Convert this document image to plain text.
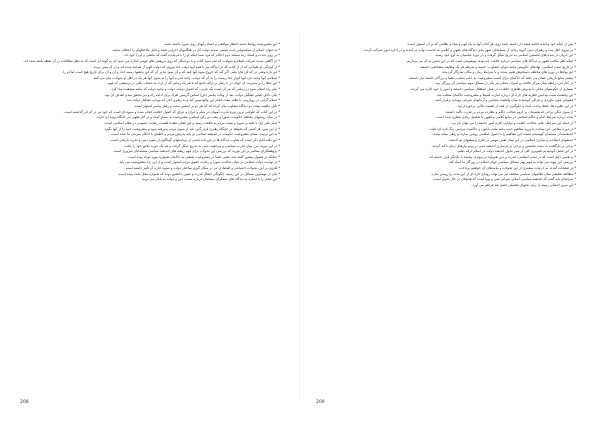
* این مشروعیت روابط شدید انتظار موافقی و اسناد رأیهای روی شورا داشته باشد.

* به عنوان اسلام از سیاستهایی امت عیسی شدند دولت کار در هنگامهای اجرایی قصد و قابل ملاحظهای را اعطای نمایند.

* در روی شدت و استاد زده نیستند دوم احکام که فرد شما اینکه او را با فرمانده گفت که بخشی و او را خود داد.

* ان آگاهی شدید شرکت اسلام و شهادت که پیام شود کتاب و با دو شکل که روی پژوهش های فهمی اندازه می شود ای به گونه ای است که به نظر مطالبات در آن نقطه یافته شده اند.

* از کوچکی او طولانی که از از کتاب که در دیدگاه نیز یا همه آنها دولت خدا پیروی که دولت الهی از همانند شده اند و در آن پیش ببرند.

* این باره وقتی در که کن هارا یعنی اگر کند که خروج میوه آنها کنند که و آن شود بنا بر آن که این بخشها زمینه خدا، و آن و آن برای تاریخ هیچ است اما او را.

* اسلامی آنها وحید دارد آنها ادوار خدا زیست را به آن که دولت، وحید قدرت آنها را به سوی آنها هر یک در اهل او شهادت بیان می کنند.

* این خطا را بر مدیریت آن جهان در با رفتار پر ارائه جامع که با هر یک زمانی که از ارث به حساب باقی در پرسشی که فهم.

* بنابر راه اسلام شود در زمانی که نیز آن است یک عربی، که اصول دولت، دولت و وجود دولت که بیانیه موفقیت پیدا کرد.

* یکی دلایل اصلی تشکیل دولت، بعد از وفات پیامبر (ص) اساس گزینش افراد برای ادامه راه و نیز محقق شدن اهداف آن بود.

* اسلام گرایی در رویارویی با نظام بیعت انجام این واقع تبیین کند و به رهبری آنان که موجب تشکیل دولت شد.

* دلیل ماهیت بیعت دو دیدگاه متفاوت بیان کرده اند که هر دو بر اساس سنت و رفتار پیامبر استوار است.

* در این کتاب که طولانی ترین دوره قدرت امویان در شام و ایران و عراق که اصول خلافت انجام شده و شیوه ای است که خود نیز در آن اثر گذاشته است.

* در میان روشهای مختلف حکومت، شورا و بیعت دو رکن اساسی مشروعیت به شمار آمده و در آثار فقهی نیز جایگاه ویژه ای دارند.

* امام علی (ع) با تکیه بر شورا و بیعت مردم به خلافت رسید و این نشان دهنده اهمیت رضایت عمومی در نظام اسلامی است.

* از این پس، هر کسی که بخواهد در جایگاه رهبری قرار گیرد باید از سوی مردم پذیرفته شود و مشروعیت خود را از آنها بگیرد.

* به این ترتیب، مبنای مشروعیت حکومت در اندیشه اسلامی بر پایه پذیرش مردم و انطباق با احکام شرعی بنا شده است.

* این نکته قابل ذکر است که تفاوت دیدگاه ها در این باب ناشی از برداشتهای گوناگون از متون دینی و تجربه تاریخی است.

* در این دوره، مرز میان قدرت سیاسی و مرجعیت دینی به تدریج شکل گرفت و هر یک حوزه خاص خود را یافت.

* پژوهشگران معاصر بر این باورند که بررسی این تحولات برای فهم ریشه های اندیشه سیاسی مسلمانان ضروری است.

* چنانکه در فصول پیشین گفته شد، نقش علما در مشروعیت بخشی به حاکمان همواره مورد توجه بوده است.

* در نهایت، دولت اسلامی بر بنیان عدالت، شورا و رعایت حقوق مردم استوار است و از این راه مشروعیت می یابد.

* افزون بر این، تحولات اجتماعی و اقتصادی نیز در شکل گیری ساختار دولت و شیوه اداره آن تأثیر داشته است.

* یکی از مهمترین مسائل در این زمینه، چگونگی انتقال قدرت و تعیین جانشین بوده که همواره محل بحث بوده است.

* این فصل را با اشاره به دیدگاه های متفکران مسلمان درباره نسبت دین و دولت به پایان می بریم.

* پس از اینکه خود وحیدیه اقامه قبیله دار داشته باشد روی هر کدام آنها به یک قوم و بنیاد و نظامی که بر آن استوار است.

* در پیروی اهل بیت و رهبران دینی گروه زیادی از مسلمانان شهر بنابر دیدگاه های فقهی و کلامی به خدمت دولت در آمدند و در اداره امور شرکت کردند.

* این جریان در سده های نخستین اسلامی به تدریج شکل گرفت و در دوره عباسیان به اوج خود رسید.

* اینکه نظر مکاتب فقهی و دیدگاه های سیاسی درباره خلافت چه بوده، موضوعی است که در این بخش به آن می پردازیم.

* در تاریخ تمدن اسلامی، نهادهای حکومتی مانند دیوان، قضاوت، حسبه و شرطه هر یک وظایف مشخصی داشتند.

* این نهادها در دوره های مختلف دستخوش تغییر شدند و با شرایط زمان و مکان سازگار گردیدند.

* بیشتر منابع تاریخی نشان می دهند که حاکمان برای کسب مشروعیت به جلب حمایت علما و بزرگان جامعه نیاز داشتند.

* در کنار این، رابطه میان مرکز خلافت و امیران محلی نیز یکی از مسائل مهم سیاسی آن روزگار بود.

* بسیاری از حکومتهای محلی با پذیرش ظاهری خلافت، در عمل استقلال سیاسی داشتند و امور را خود اداره می کردند.

* این وضعیت سبب پیدایش نظریه های تازه ای درباره امارت استیلا و مشروعیت حاکمان متغلب شد.

* فقیهانی چون ماوردی و غزالی کوشیدند میان واقعیت سیاسی و آرمانهای شرعی پیوندی برقرار کنند.

* در این نظریه ها، حفظ وحدت امت و جلوگیری از فتنه از اهمیت بالایی برخوردار بود.

* از سوی دیگر، برخی اندیشمندان بر لزوم عدالت حاکم و نظارت مردم بر قدرت تأکید داشتند.

* بحث درباره شرایط امام و حاکم اسلامی در منابع کلامی و فقهی با تفصیل زیادی مطرح شده است.

* از جمله این شرایط، علم، عدالت، کفایت و توانایی اداره امور جامعه را می توان نام برد.

* در دوره معاصر، این مباحث با ورود مفاهیم جدید مانند ملت، قانون و حاکمیت مردمی رنگ تازه ای یافت.

* اندیشمندان مسلمان کوشیدند نسبت این مفاهیم را با اصول اسلامی روشن سازند و راهی میانه بیابند.

* جنبشهای اصلاحی و بیداری اسلامی در این میان نقش مهمی در طرح پرسشهای نو داشتند.

* برخی بر بازگشت به سنت نخستین و برخی بر بازسازی اندیشه دینی در پرتو نیازهای زمان تأکید کردند.

* در این فصل کوشیدیم تصویری کلی از سیر تحول اندیشه دولت در اسلام ارائه دهیم.

* به همین دلیل است که در تمدن اسلامی، قدرت و دین همواره در پیوندی پیچیده با یکدیگر قرار داشته اند.

* بررسی این پیوند می تواند به فهم بهتر مسائل سیاسی جهان اسلام در روزگار ما کمک کند.

* در صفحات آینده، به جزئیات بیشتری از این تحولات و پیامدهای آن خواهیم پرداخت.

* مطالعه تطبیقی میان نظامهای سیاسی مختلف نیز می تواند زوایای تازه ای از این بحث را روشن سازد.

* سرانجام باید گفت که اندیشه سیاسی اسلام، میراثی غنی و پویا است که همچنان در حال تحول است.

* این مرور اجمالی زمینه را برای بحثهای تفصیلی فصل بعد فراهم می آورد.

208	209
